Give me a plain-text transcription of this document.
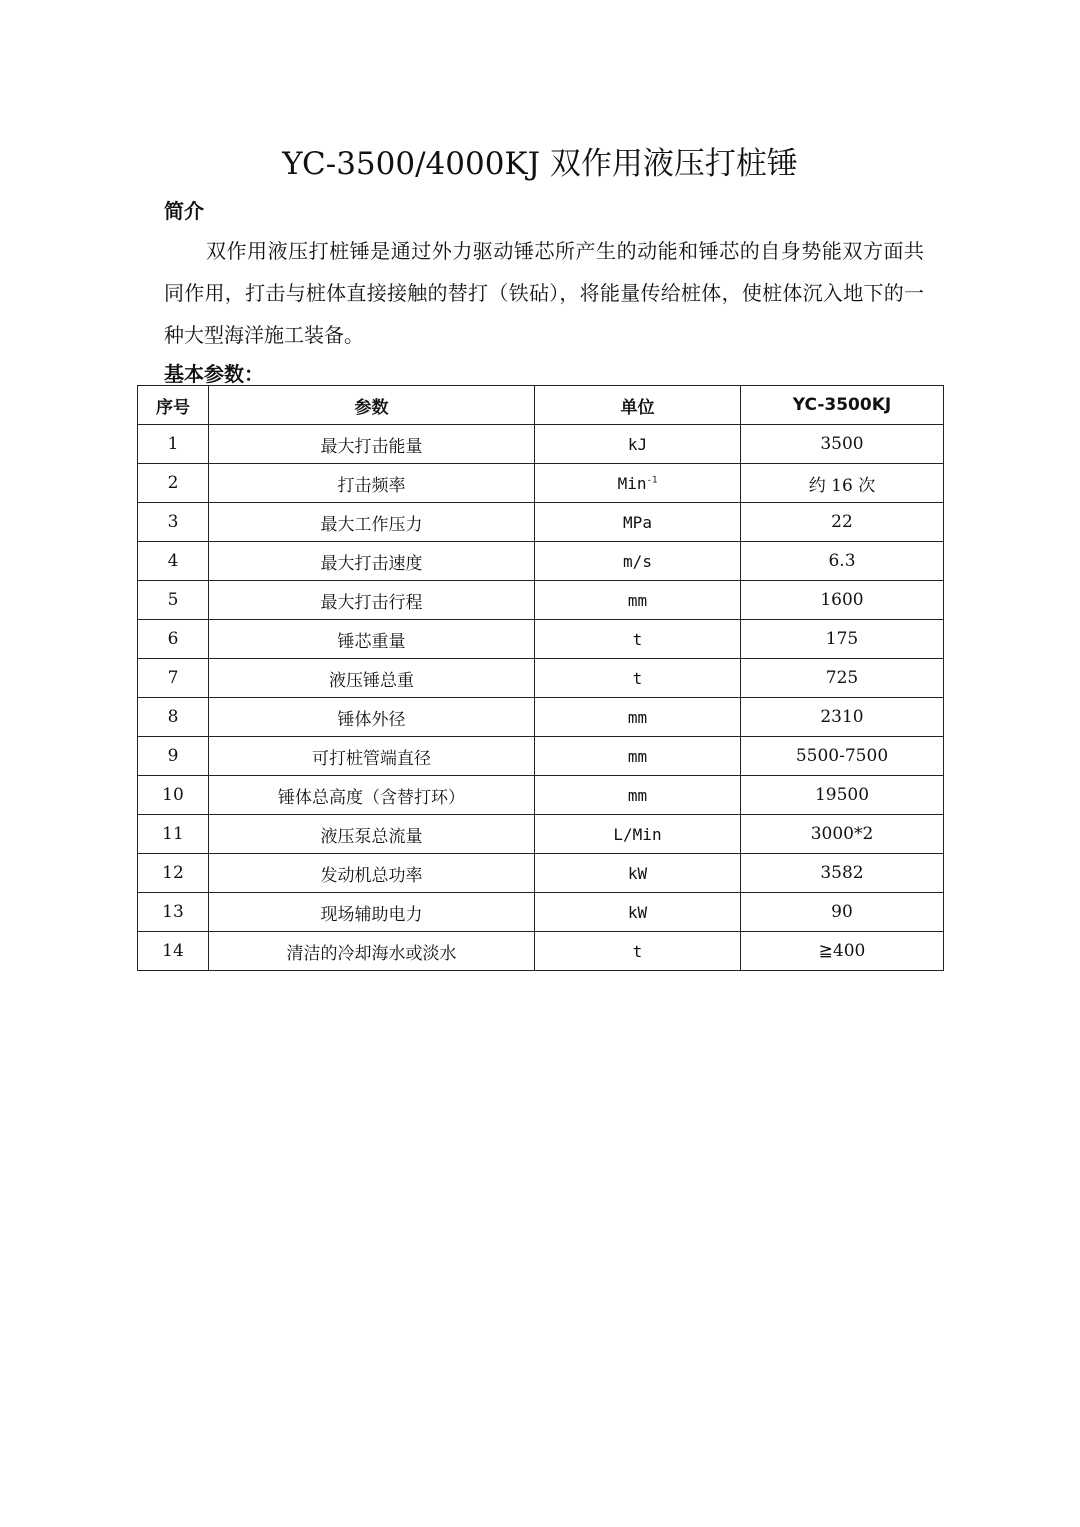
YC-3500/4000KJ 双作用液压打桩锤
简介

双作用液压打桩锤是通过外力驱动锤芯所产生的动能和锤芯的自身势能双方面共同作用，打击与桩体直接接触的替打（铁砧），将能量传给桩体，使桩体沉入地下的一种大型海洋施工装备。

基本参数：
序号	参数	单位	YC-3500KJ
1	最大打击能量	kJ	3500
2	打击频率	Min$^{-1}$	约 16 次
3	最大工作压力	MPa	22
4	最大打击速度	m/s	6.3
5	最大打击行程	mm	1600
6	锤芯重量	t	175
7	液压锤总重	t	725
8	锤体外径	mm	2310
9	可打桩管端直径	mm	5500-7500
10	锤体总高度（含替打环）	mm	19500
11	液压泵总流量	L/Min	3000*2
12	发动机总功率	kW	3582
13	现场辅助电力	kW	90
14	清洁的冷却海水或淡水	t	≧400
